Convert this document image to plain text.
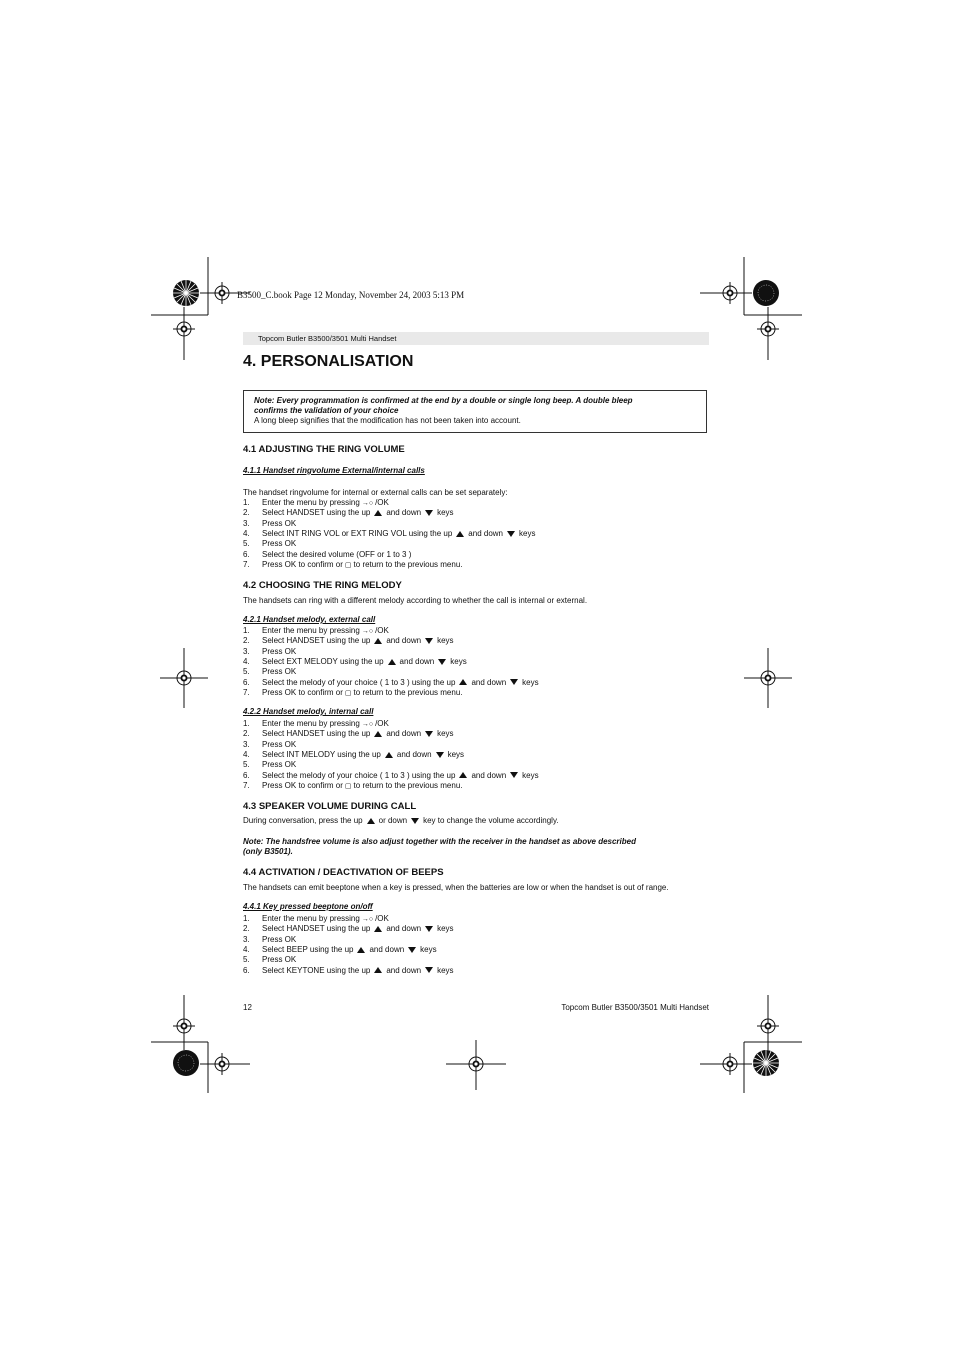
B3500_C.book Page 12 Monday, November 24, 2003 5:13 PM
Topcom Butler B3500/3501 Multi Handset
4. PERSONALISATION
Note: Every programmation is confirmed at the end by a double or single long beep. A double bleep
confirms the validation of your choice
A long bleep signifies that the modification has not been taken into account.
4.1 ADJUSTING THE RING VOLUME
4.1.1 Handset ringvolume External/internal calls
The handset ringvolume for internal or external calls can be set separately:
1. Enter the menu by pressing →○ /OK
2. Select HANDSET using the up and down keys
3. Press OK
4. Select INT RING VOL or EXT RING VOL using the up and down keys
5. Press OK
6. Select the desired volume (OFF or 1 to 3 )
7. Press OK to confirm or ▢ to return to the previous menu.
4.2 CHOOSING THE RING MELODY
The handsets can ring with a different melody according to whether the call is internal or external.
4.2.1 Handset melody, external call
1. Enter the menu by pressing →○ /OK
2. Select HANDSET using the up and down keys
3. Press OK
4. Select EXT MELODY using the up and down keys
5. Press OK
6. Select the melody of your choice ( 1 to 3 ) using the up and down keys
7. Press OK to confirm or ▢ to return to the previous menu.
4.2.2 Handset melody, internal call
1. Enter the menu by pressing →○ /OK
2. Select HANDSET using the up and down keys
3. Press OK
4. Select INT MELODY using the up and down keys
5. Press OK
6. Select the melody of your choice ( 1 to 3 ) using the up and down keys
7. Press OK to confirm or ▢ to return to the previous menu.
4.3 SPEAKER VOLUME DURING CALL
During conversation, press the up or down key to change the volume accordingly.
Note: The handsfree volume is also adjust together with the receiver in the handset as above described
(only B3501).
4.4 ACTIVATION / DEACTIVATION OF BEEPS
The handsets can emit beeptone when a key is pressed, when the batteries are low or when the handset is out of range.
4.4.1 Key pressed beeptone on/off
1. Enter the menu by pressing →○ /OK
2. Select HANDSET using the up and down keys
3. Press OK
4. Select BEEP using the up and down keys
5. Press OK
6. Select KEYTONE using the up and down keys
12	Topcom Butler B3500/3501 Multi Handset
